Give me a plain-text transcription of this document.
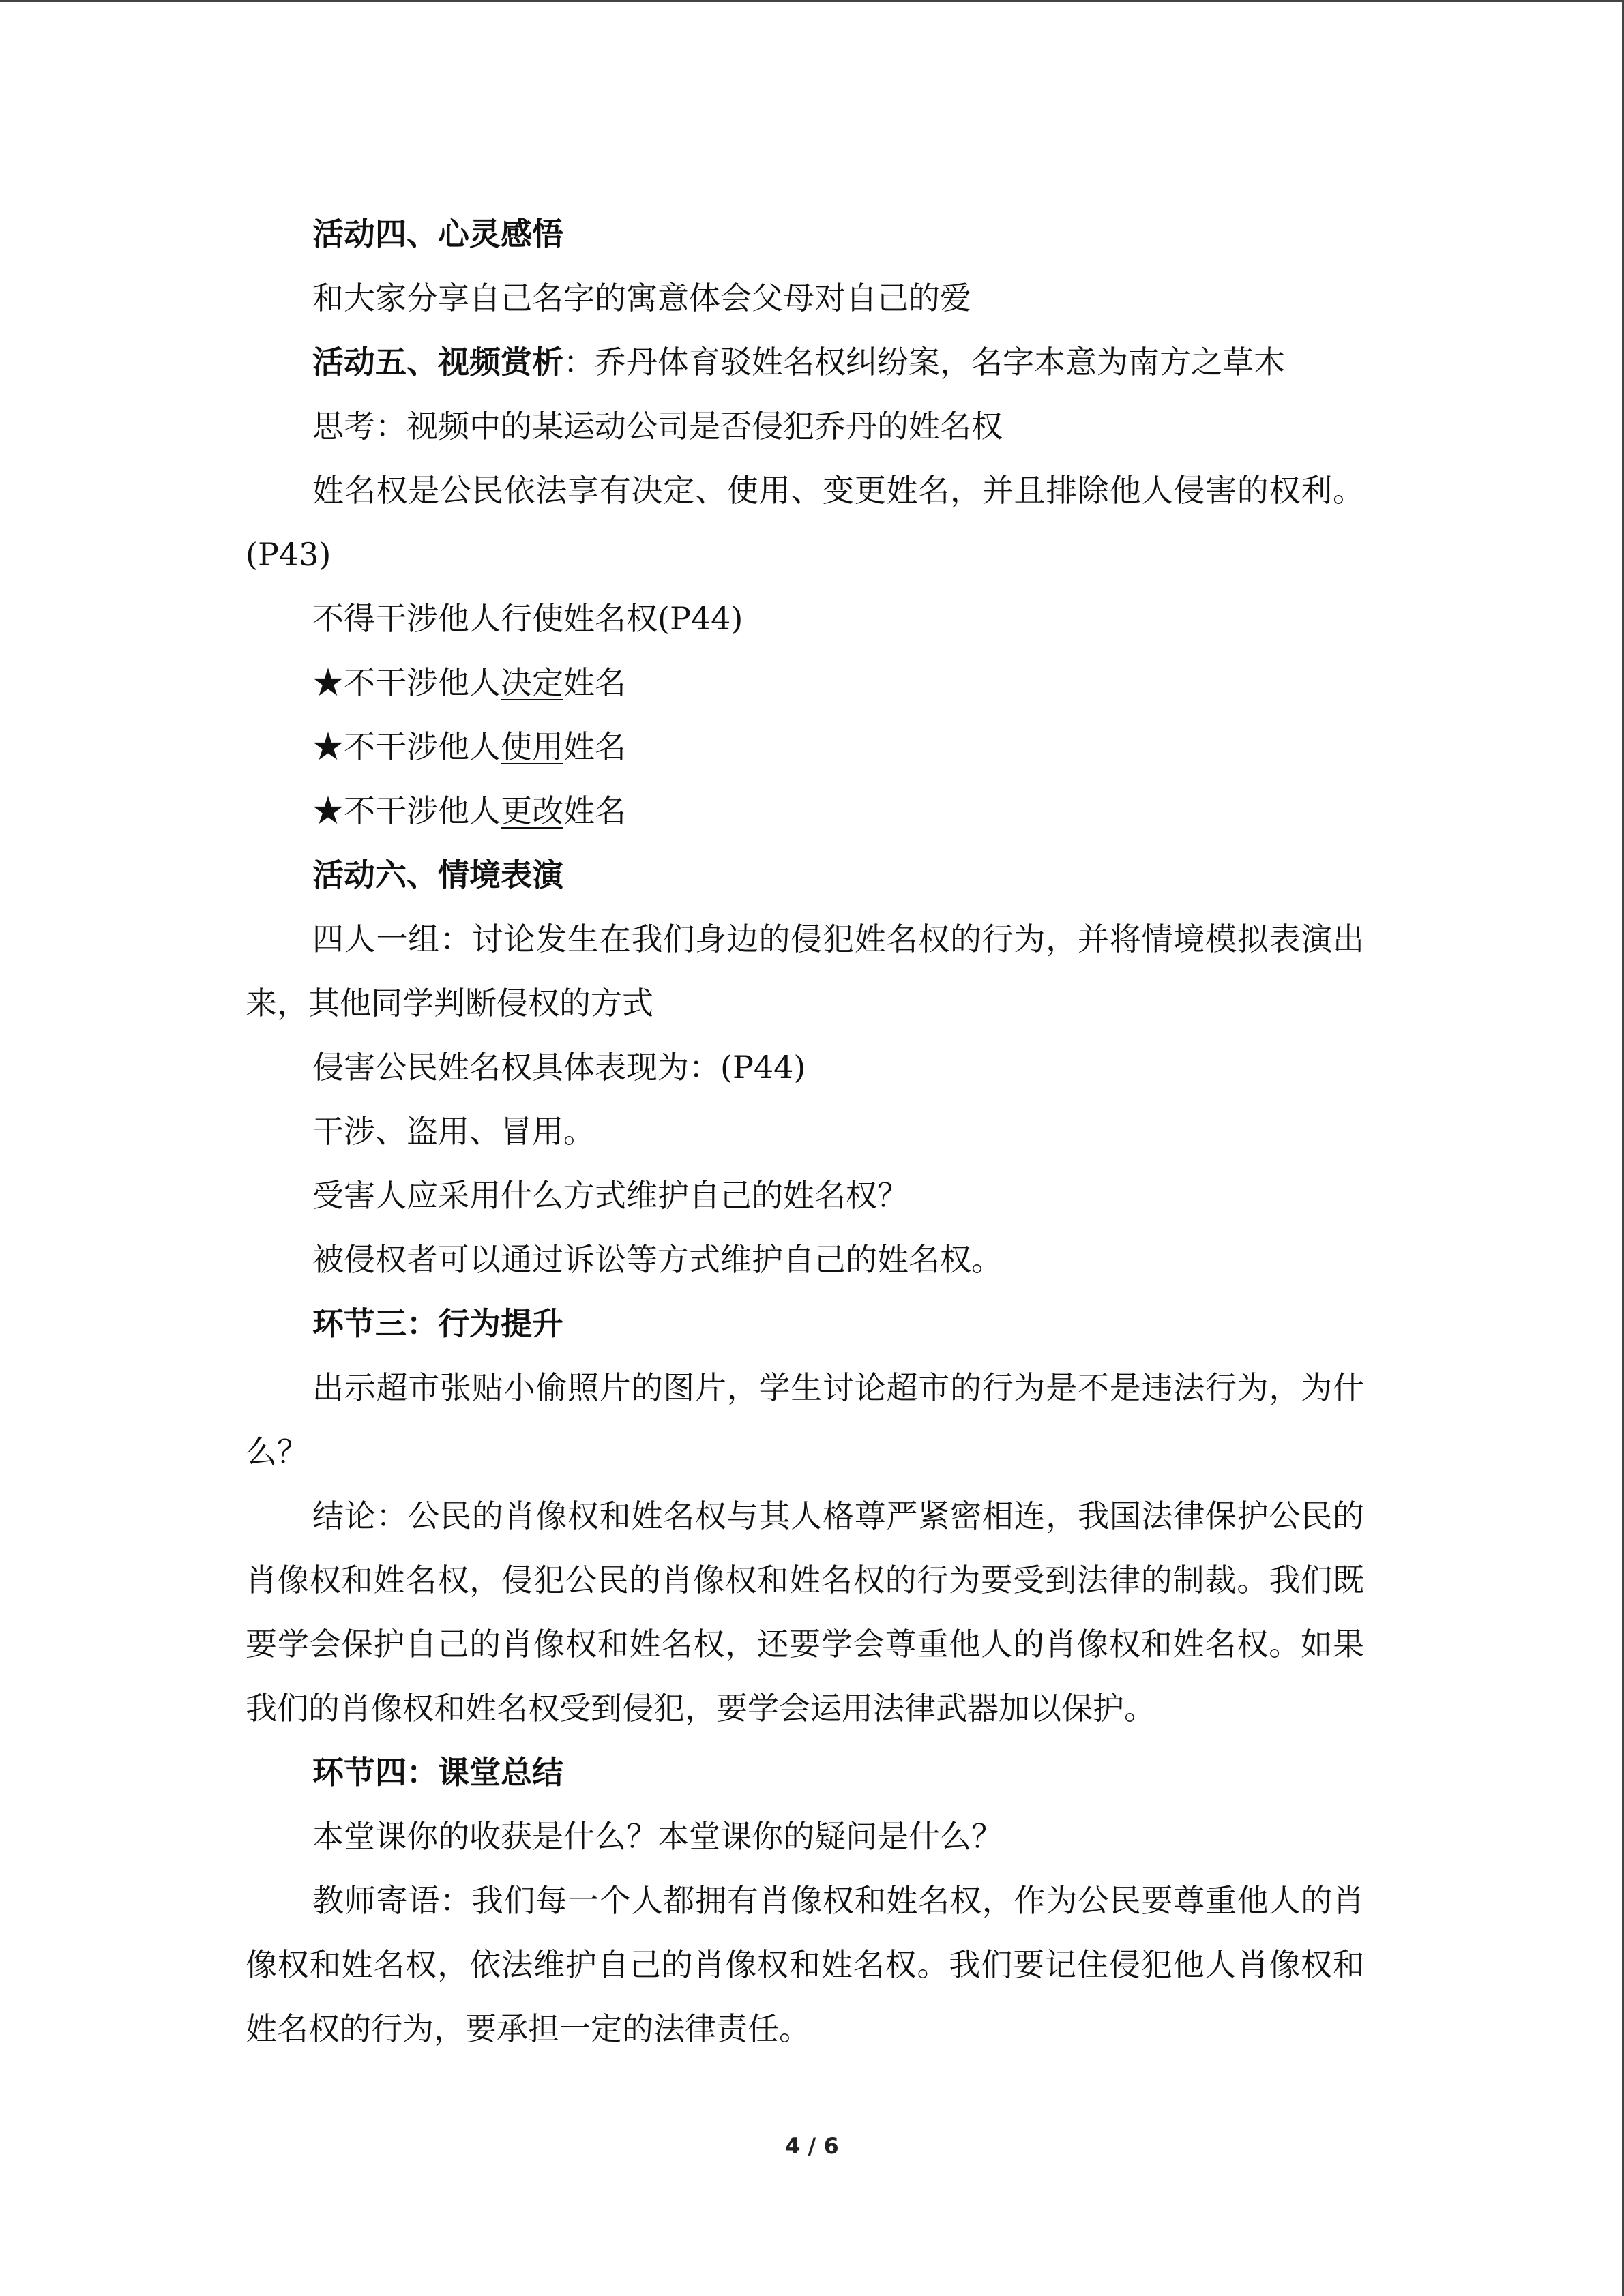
活动四、心灵感悟

和大家分享自己名字的寓意体会父母对自己的爱

活动五、视频赏析：乔丹体育驳姓名权纠纷案，名字本意为南方之草木

思考：视频中的某运动公司是否侵犯乔丹的姓名权

姓名权是公民依法享有决定、使用、变更姓名，并且排除他人侵害的权利。(P43)

不得干涉他人行使姓名权(P44)

★不干涉他人决定姓名

★不干涉他人使用姓名

★不干涉他人更改姓名

活动六、情境表演

四人一组：讨论发生在我们身边的侵犯姓名权的行为，并将情境模拟表演出来，其他同学判断侵权的方式

侵害公民姓名权具体表现为：(P44)

干涉、盗用、冒用。

受害人应采用什么方式维护自己的姓名权？

被侵权者可以通过诉讼等方式维护自己的姓名权。

环节三：行为提升

出示超市张贴小偷照片的图片，学生讨论超市的行为是不是违法行为，为什么？

结论：公民的肖像权和姓名权与其人格尊严紧密相连，我国法律保护公民的肖像权和姓名权，侵犯公民的肖像权和姓名权的行为要受到法律的制裁。我们既要学会保护自己的肖像权和姓名权，还要学会尊重他人的肖像权和姓名权。如果我们的肖像权和姓名权受到侵犯，要学会运用法律武器加以保护。

环节四：课堂总结

本堂课你的收获是什么？本堂课你的疑问是什么？

教师寄语：我们每一个人都拥有肖像权和姓名权，作为公民要尊重他人的肖像权和姓名权，依法维护自己的肖像权和姓名权。我们要记住侵犯他人肖像权和姓名权的行为，要承担一定的法律责任。

4 / 6
